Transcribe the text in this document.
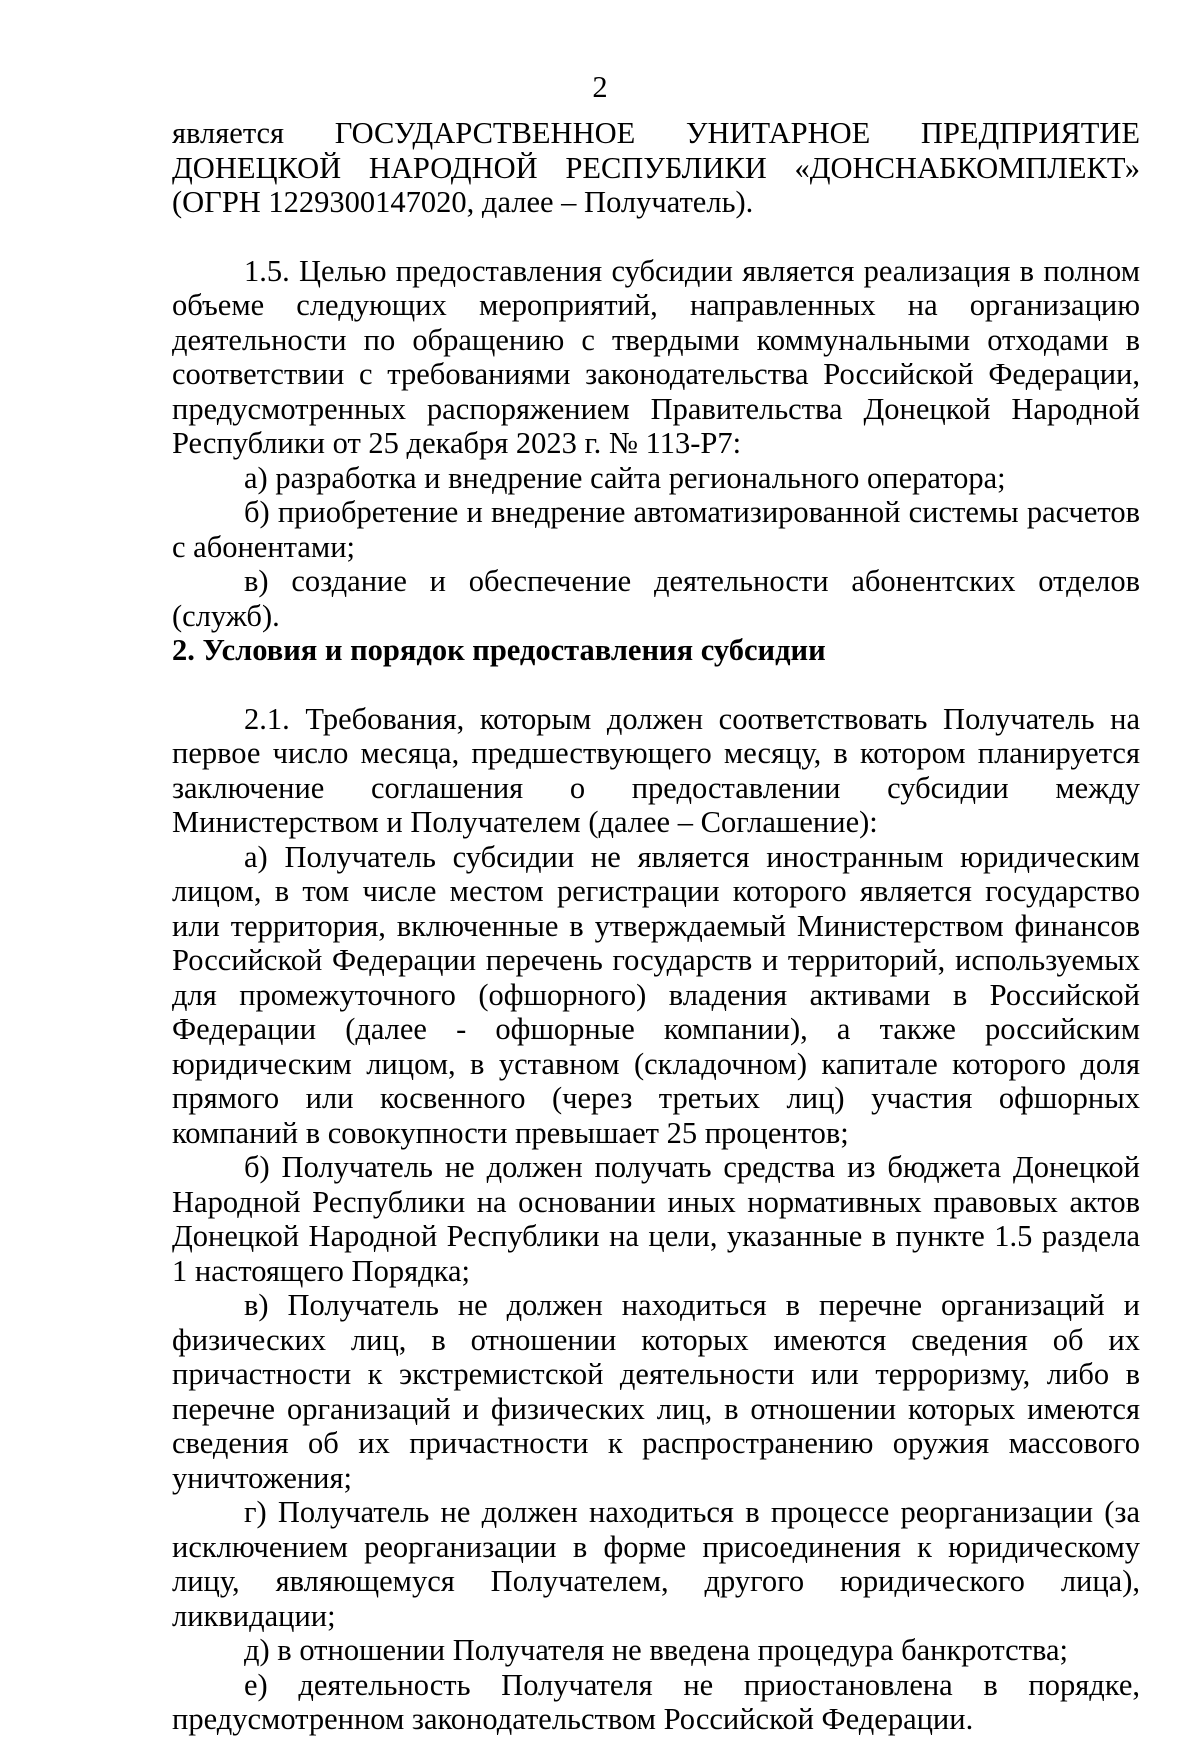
2

является ГОСУДАРСТВЕННОЕ УНИТАРНОЕ ПРЕДПРИЯТИЕ ДОНЕЦКОЙ НАРОДНОЙ РЕСПУБЛИКИ «ДОНСНАБКОМПЛЕКТ» (ОГРН 1229300147020, далее – Получатель).

1.5. Целью предоставления субсидии является реализация в полном объеме следующих мероприятий, направленных на организацию деятельности по обращению с твердыми коммунальными отходами в соответствии с требованиями законодательства Российской Федерации, предусмотренных распоряжением Правительства Донецкой Народной Республики от 25 декабря 2023 г. № 113-Р7:

а) разработка и внедрение сайта регионального оператора;

б) приобретение и внедрение автоматизированной системы расчетов с абонентами;

в) создание и обеспечение деятельности абонентских отделов (служб).

2. Условия и порядок предоставления субсидии

2.1. Требования, которым должен соответствовать Получатель на первое число месяца, предшествующего месяцу, в котором планируется заключение соглашения о предоставлении субсидии между Министерством и Получателем (далее – Соглашение):

а) Получатель субсидии не является иностранным юридическим лицом, в том числе местом регистрации которого является государство или территория, включенные в утверждаемый Министерством финансов Российской Федерации перечень государств и территорий, используемых для промежуточного (офшорного) владения активами в Российской Федерации (далее - офшорные компании), а также российским юридическим лицом, в уставном (складочном) капитале которого доля прямого или косвенного (через третьих лиц) участия офшорных компаний в совокупности превышает 25 процентов;

б) Получатель не должен получать средства из бюджета Донецкой Народной Республики на основании иных нормативных правовых актов Донецкой Народной Республики на цели, указанные в пункте 1.5 раздела 1 настоящего Порядка;

в) Получатель не должен находиться в перечне организаций и физических лиц, в отношении которых имеются сведения об их причастности к экстремистской деятельности или терроризму, либо в перечне организаций и физических лиц, в отношении которых имеются сведения об их причастности к распространению оружия массового уничтожения;

г) Получатель не должен находиться в процессе реорганизации (за исключением реорганизации в форме присоединения к юридическому лицу, являющемуся Получателем, другого юридического лица), ликвидации;

д) в отношении Получателя не введена процедура банкротства;

е) деятельность Получателя не приостановлена в порядке, предусмотренном законодательством Российской Федерации.
